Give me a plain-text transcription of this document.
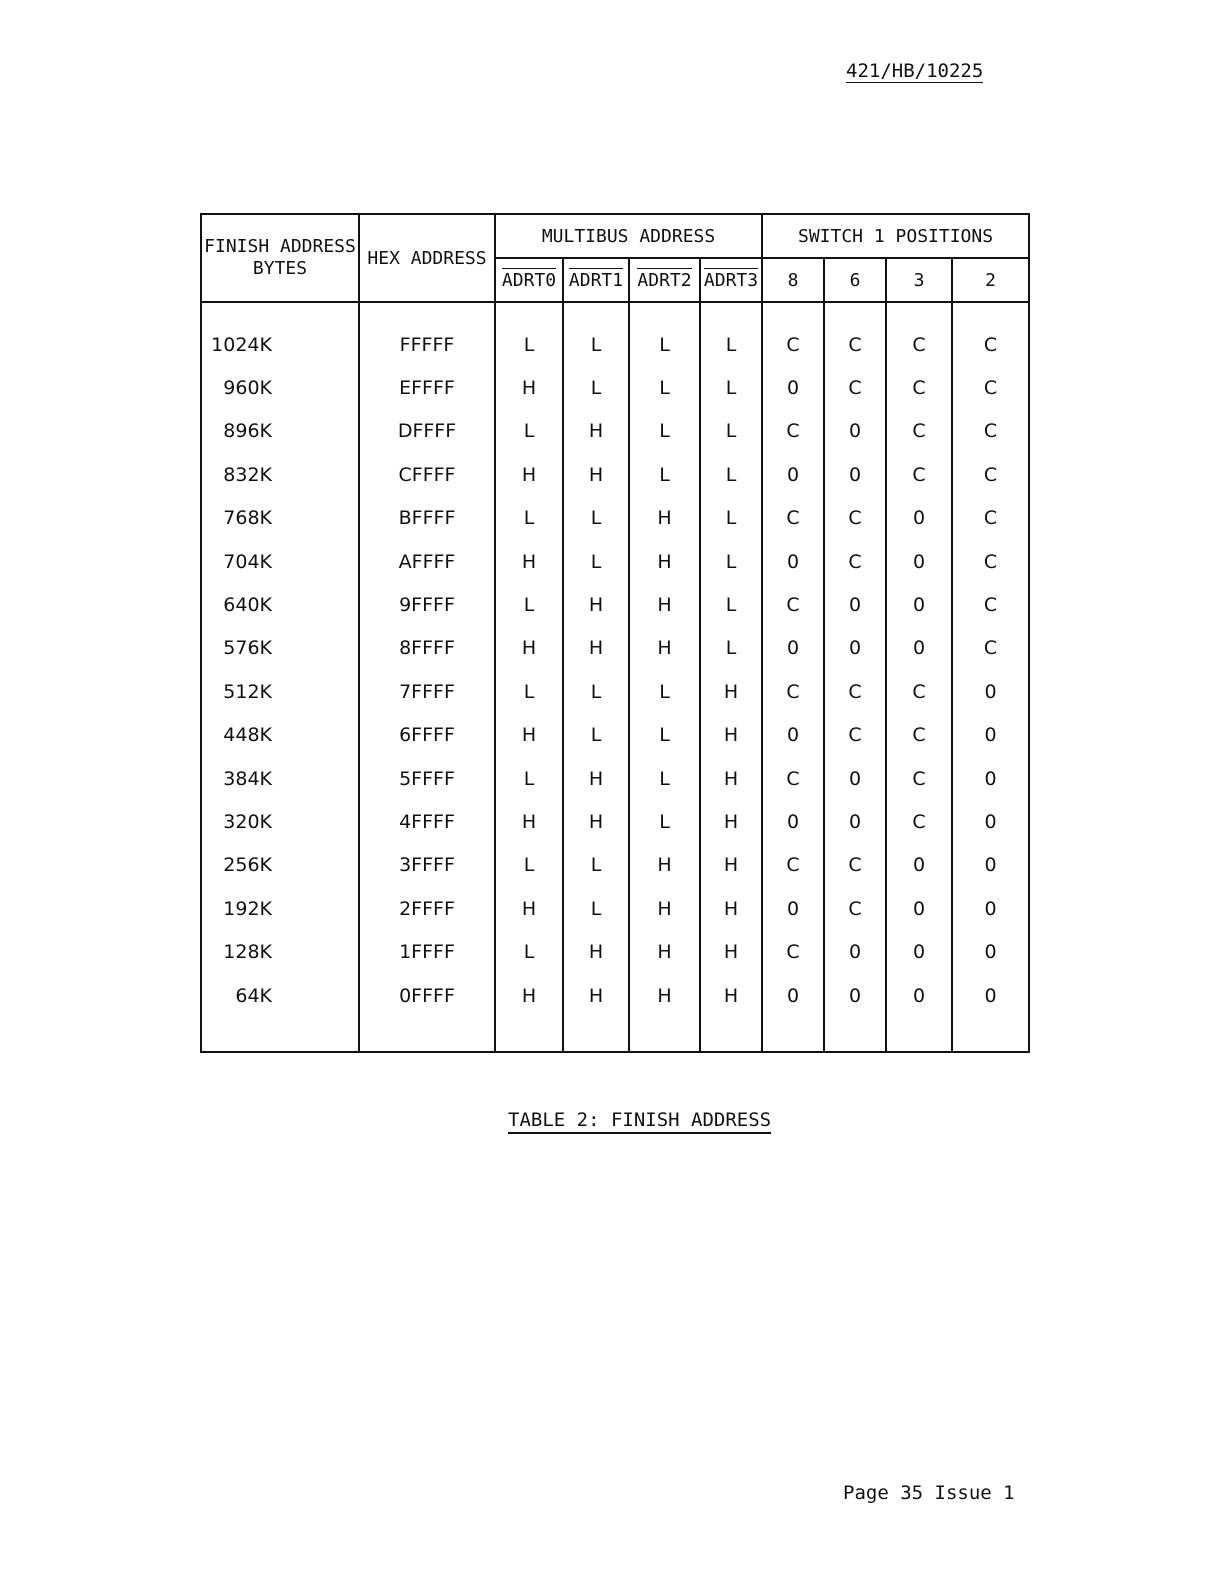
421/HB/10225
FINISH ADDRESS BYTES	HEX ADDRESS	MULTIBUS ADDRESS				SWITCH 1 POSITIONS			
		ADRT0	ADRT1	ADRT2	ADRT3	8	6	3	2

1024K	FFFFF	L	L	L	L	C	C	C	C
960K	EFFFF	H	L	L	L	0	C	C	C
896K	DFFFF	L	H	L	L	C	0	C	C
832K	CFFFF	H	H	L	L	0	0	C	C
768K	BFFFF	L	L	H	L	C	C	0	C
704K	AFFFF	H	L	H	L	0	C	0	C
640K	9FFFF	L	H	H	L	C	0	0	C
576K	8FFFF	H	H	H	L	0	0	0	C
512K	7FFFF	L	L	L	H	C	C	C	0
448K	6FFFF	H	L	L	H	0	C	C	0
384K	5FFFF	L	H	L	H	C	0	C	0
320K	4FFFF	H	H	L	H	0	0	C	0
256K	3FFFF	L	L	H	H	C	C	0	0
192K	2FFFF	H	L	H	H	0	C	0	0
128K	1FFFF	L	H	H	H	C	0	0	0
64K	0FFFF	H	H	H	H	0	0	0	0

TABLE 2: FINISH ADDRESS
Page 35 Issue 1
